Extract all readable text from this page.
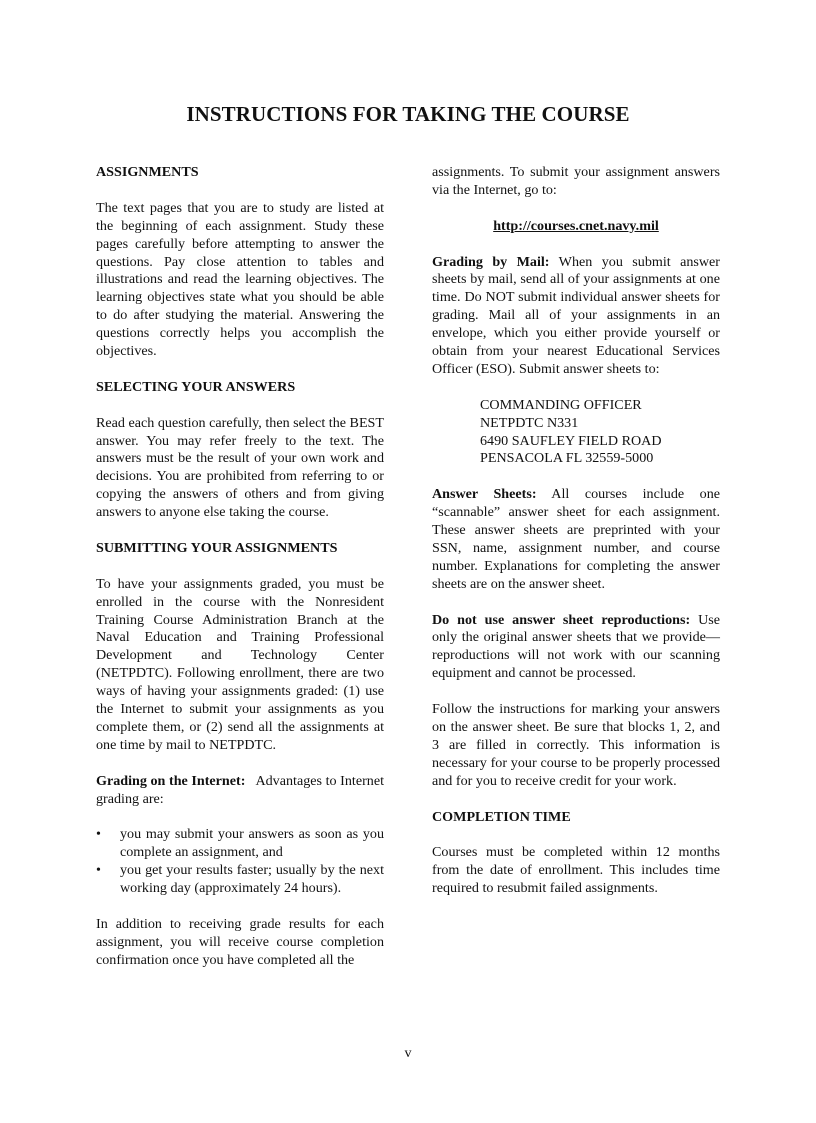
INSTRUCTIONS FOR TAKING THE COURSE
ASSIGNMENTS

The text pages that you are to study are listed at the beginning of each assignment. Study these pages carefully before attempting to answer the questions. Pay close attention to tables and illustrations and read the learning objectives. The learning objectives state what you should be able to do after studying the material. Answering the questions correctly helps you accomplish the objectives.

SELECTING YOUR ANSWERS

Read each question carefully, then select the BEST answer. You may refer freely to the text. The answers must be the result of your own work and decisions. You are prohibited from referring to or copying the answers of others and from giving answers to anyone else taking the course.

SUBMITTING YOUR ASSIGNMENTS

To have your assignments graded, you must be enrolled in the course with the Nonresident Training Course Administration Branch at the Naval Education and Training Professional Development and Technology Center (NETPDTC). Following enrollment, there are two ways of having your assignments graded: (1) use the Internet to submit your assignments as you complete them, or (2) send all the assignments at one time by mail to NETPDTC.

Grading on the Internet: Advantages to Internet grading are:

• you may submit your answers as soon as you complete an assignment, and
• you get your results faster; usually by the next working day (approximately 24 hours).

In addition to receiving grade results for each assignment, you will receive course completion confirmation once you have completed all the

assignments. To submit your assignment answers via the Internet, go to:

http://courses.cnet.navy.mil

Grading by Mail: When you submit answer sheets by mail, send all of your assignments at one time. Do NOT submit individual answer sheets for grading. Mail all of your assignments in an envelope, which you either provide yourself or obtain from your nearest Educational Services Officer (ESO). Submit answer sheets to:

COMMANDING OFFICER
NETPDTC N331
6490 SAUFLEY FIELD ROAD
PENSACOLA FL 32559-5000

Answer Sheets: All courses include one “scannable” answer sheet for each assignment. These answer sheets are preprinted with your SSN, name, assignment number, and course number. Explanations for completing the answer sheets are on the answer sheet.

Do not use answer sheet reproductions: Use only the original answer sheets that we provide—reproductions will not work with our scanning equipment and cannot be processed.

Follow the instructions for marking your answers on the answer sheet. Be sure that blocks 1, 2, and 3 are filled in correctly. This information is necessary for your course to be properly processed and for you to receive credit for your work.

COMPLETION TIME

Courses must be completed within 12 months from the date of enrollment. This includes time required to resubmit failed assignments.

v
